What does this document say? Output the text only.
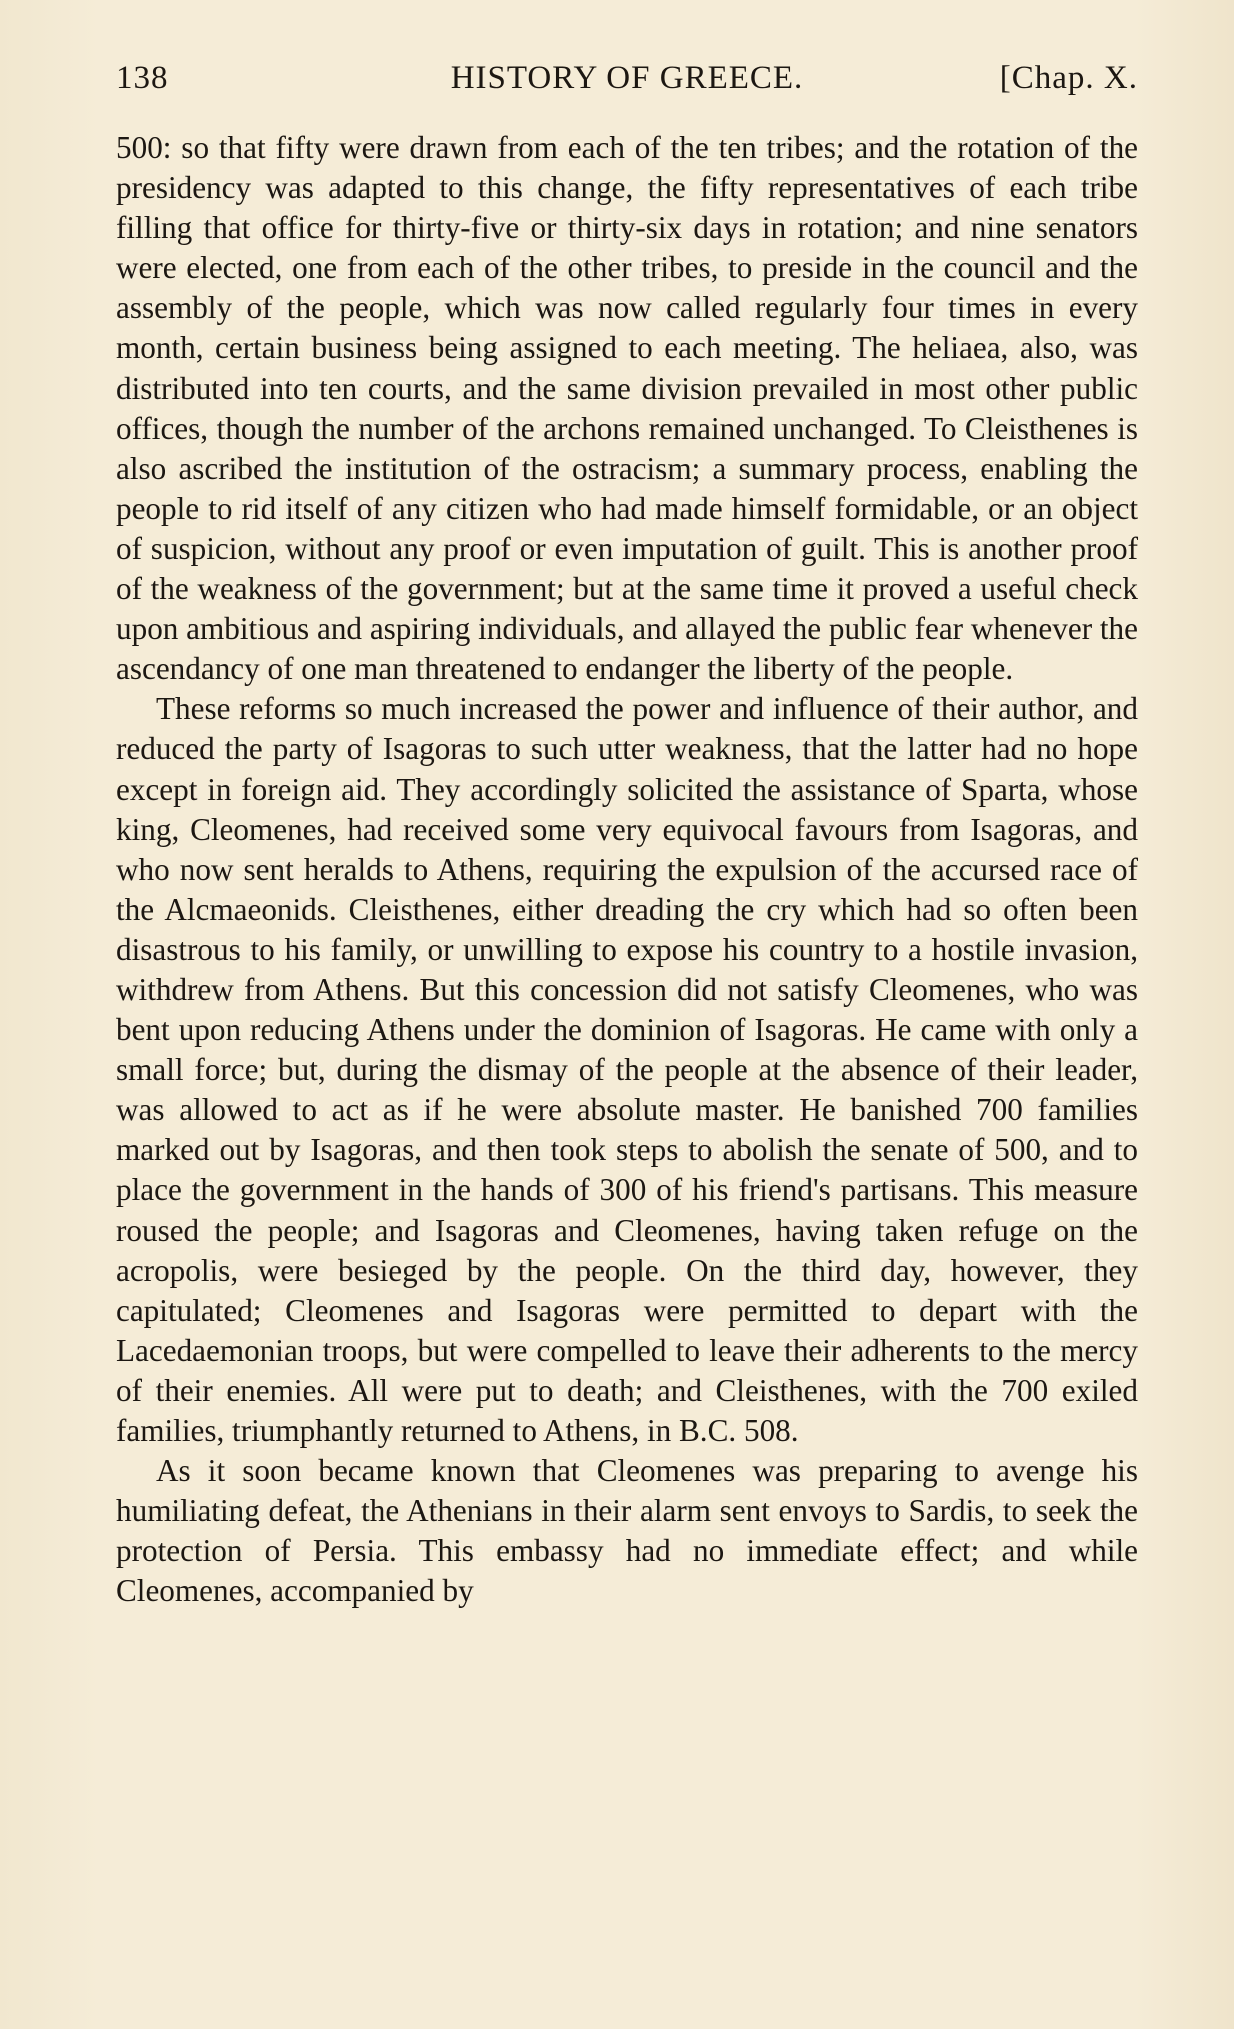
138	HISTORY OF GREECE.	[Chap. X.

500: so that fifty were drawn from each of the ten tribes; and the rotation of the presidency was adapted to this change, the fifty representatives of each tribe filling that office for thirty-five or thirty-six days in rotation; and nine senators were elected, one from each of the other tribes, to preside in the council and the assembly of the people, which was now called regularly four times in every month, certain business being assigned to each meeting. The heliaea, also, was distributed into ten courts, and the same division prevailed in most other public offices, though the number of the archons remained unchanged. To Cleisthenes is also ascribed the institution of the ostracism; a summary process, enabling the people to rid itself of any citizen who had made himself formidable, or an object of suspicion, without any proof or even imputation of guilt. This is another proof of the weakness of the government; but at the same time it proved a useful check upon ambitious and aspiring individuals, and allayed the public fear whenever the ascendancy of one man threatened to endanger the liberty of the people.

These reforms so much increased the power and influence of their author, and reduced the party of Isagoras to such utter weakness, that the latter had no hope except in foreign aid. They accordingly solicited the assistance of Sparta, whose king, Cleomenes, had received some very equivocal favours from Isagoras, and who now sent heralds to Athens, requiring the expulsion of the accursed race of the Alcmaeonids. Cleisthenes, either dreading the cry which had so often been disastrous to his family, or unwilling to expose his country to a hostile invasion, withdrew from Athens. But this concession did not satisfy Cleomenes, who was bent upon reducing Athens under the dominion of Isagoras. He came with only a small force; but, during the dismay of the people at the absence of their leader, was allowed to act as if he were absolute master. He banished 700 families marked out by Isagoras, and then took steps to abolish the senate of 500, and to place the government in the hands of 300 of his friend's partisans. This measure roused the people; and Isagoras and Cleomenes, having taken refuge on the acropolis, were besieged by the people. On the third day, however, they capitulated; Cleomenes and Isagoras were permitted to depart with the Lacedaemonian troops, but were compelled to leave their adherents to the mercy of their enemies. All were put to death; and Cleisthenes, with the 700 exiled families, triumphantly returned to Athens, in B.C. 508.

As it soon became known that Cleomenes was preparing to avenge his humiliating defeat, the Athenians in their alarm sent envoys to Sardis, to seek the protection of Persia. This embassy had no immediate effect; and while Cleomenes, accompanied by
